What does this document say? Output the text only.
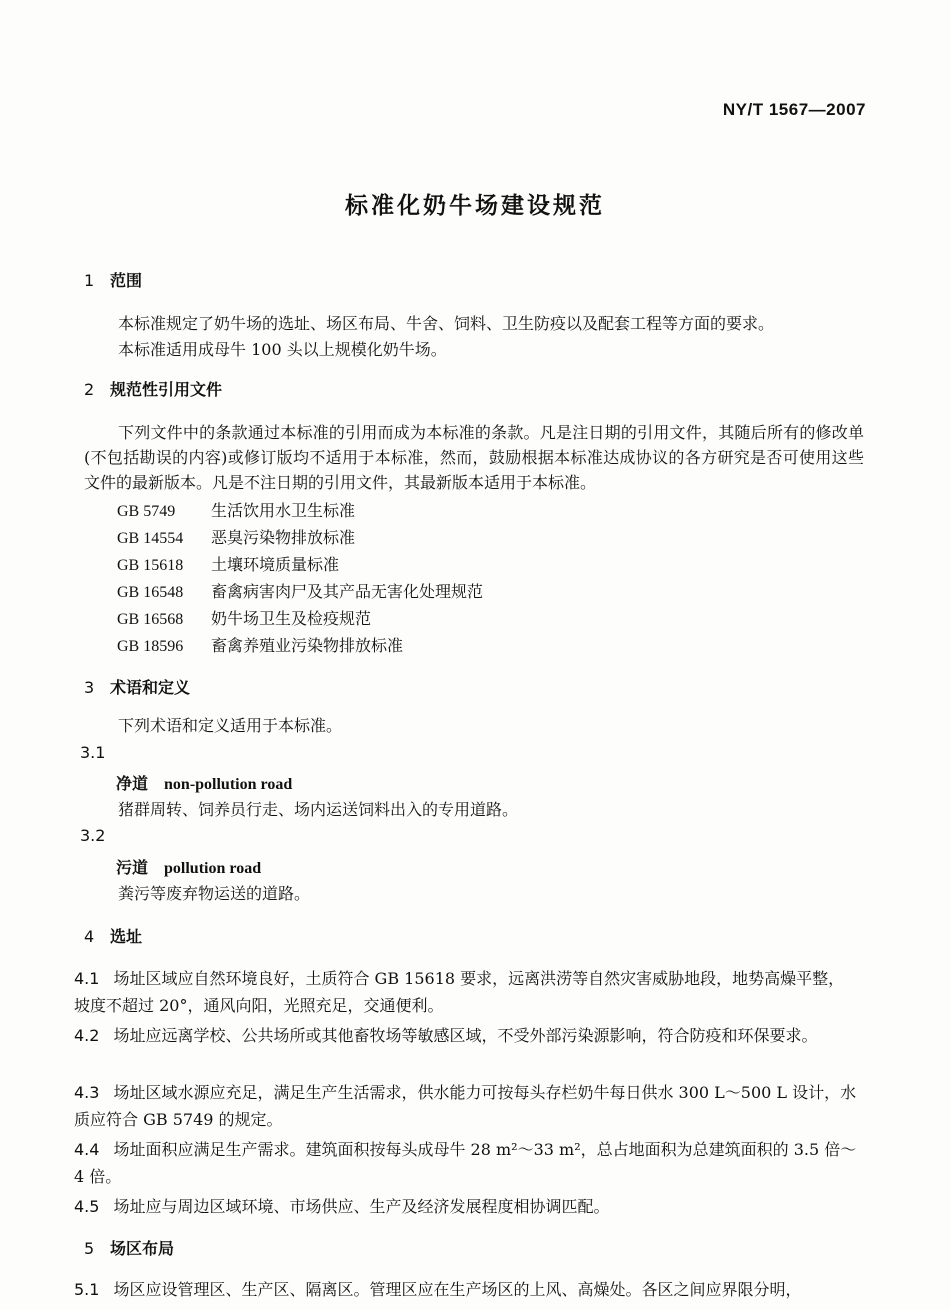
NY/T 1567—2007
标准化奶牛场建设规范
1 范围
本标准规定了奶牛场的选址、场区布局、牛舍、饲料、卫生防疫以及配套工程等方面的要求。
本标准适用成母牛 100 头以上规模化奶牛场。
2 规范性引用文件
下列文件中的条款通过本标准的引用而成为本标准的条款。凡是注日期的引用文件，其随后所有的修改单(不包括勘误的内容)或修订版均不适用于本标准，然而，鼓励根据本标准达成协议的各方研究是否可使用这些文件的最新版本。凡是不注日期的引用文件，其最新版本适用于本标准。
GB 5749 生活饮用水卫生标准
GB 14554 恶臭污染物排放标准
GB 15618 土壤环境质量标准
GB 16548 畜禽病害肉尸及其产品无害化处理规范
GB 16568 奶牛场卫生及检疫规范
GB 18596 畜禽养殖业污染物排放标准
3 术语和定义
下列术语和定义适用于本标准。
3.1
净道 non-pollution road
猪群周转、饲养员行走、场内运送饲料出入的专用道路。
3.2
污道 pollution road
粪污等废弃物运送的道路。
4 选址
4.1 场址区域应自然环境良好，土质符合 GB 15618 要求，远离洪涝等自然灾害威胁地段，地势高燥平整，坡度不超过 20°，通风向阳，光照充足，交通便利。
4.2 场址应远离学校、公共场所或其他畜牧场等敏感区域，不受外部污染源影响，符合防疫和环保要求。
4.3 场址区域水源应充足，满足生产生活需求，供水能力可按每头存栏奶牛每日供水 300 L～500 L 设计，水质应符合 GB 5749 的规定。
4.4 场址面积应满足生产需求。建筑面积按每头成母牛 28 m²～33 m²，总占地面积为总建筑面积的 3.5 倍～4 倍。
4.5 场址应与周边区域环境、市场供应、生产及经济发展程度相协调匹配。
5 场区布局
5.1 场区应设管理区、生产区、隔离区。管理区应在生产场区的上风、高燥处。各区之间应界限分明，
